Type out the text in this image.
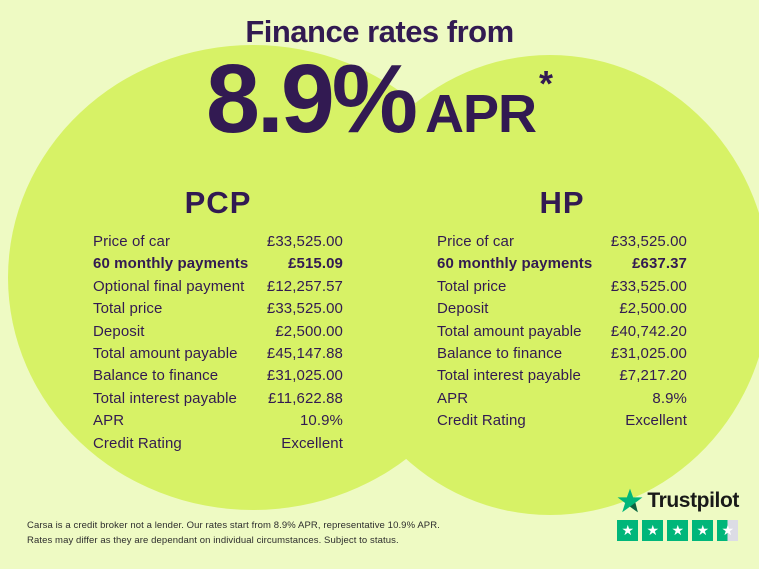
Finance rates from
8.9% APR
*
PCP
Price of car	£33,525.00
60 monthly payments	£515.09
Optional final payment £12,257.57
Total price	£33,525.00
Deposit	£2,500.00
Total amount payable £45,147.88
Balance to finance	£31,025.00
Total interest payable £11,622.88
APR	10.9%
Credit Rating	Excellent
HP
Price of car	£33,525.00
60 monthly payments	£637.37
Total price	£33,525.00
Deposit	£2,500.00
Total amount payable £40,742.20
Balance to finance	£31,025.00
Total interest payable	£7,217.20
APR	8.9%
Credit Rating	Excellent
Carsa is a credit broker not a lender. Our rates start from 8.9% APR, representative 10.9% APR.
Rates may differ as they are dependant on individual circumstances. Subject to status.
Trustpilot
★ ★ ★ ★ ★
